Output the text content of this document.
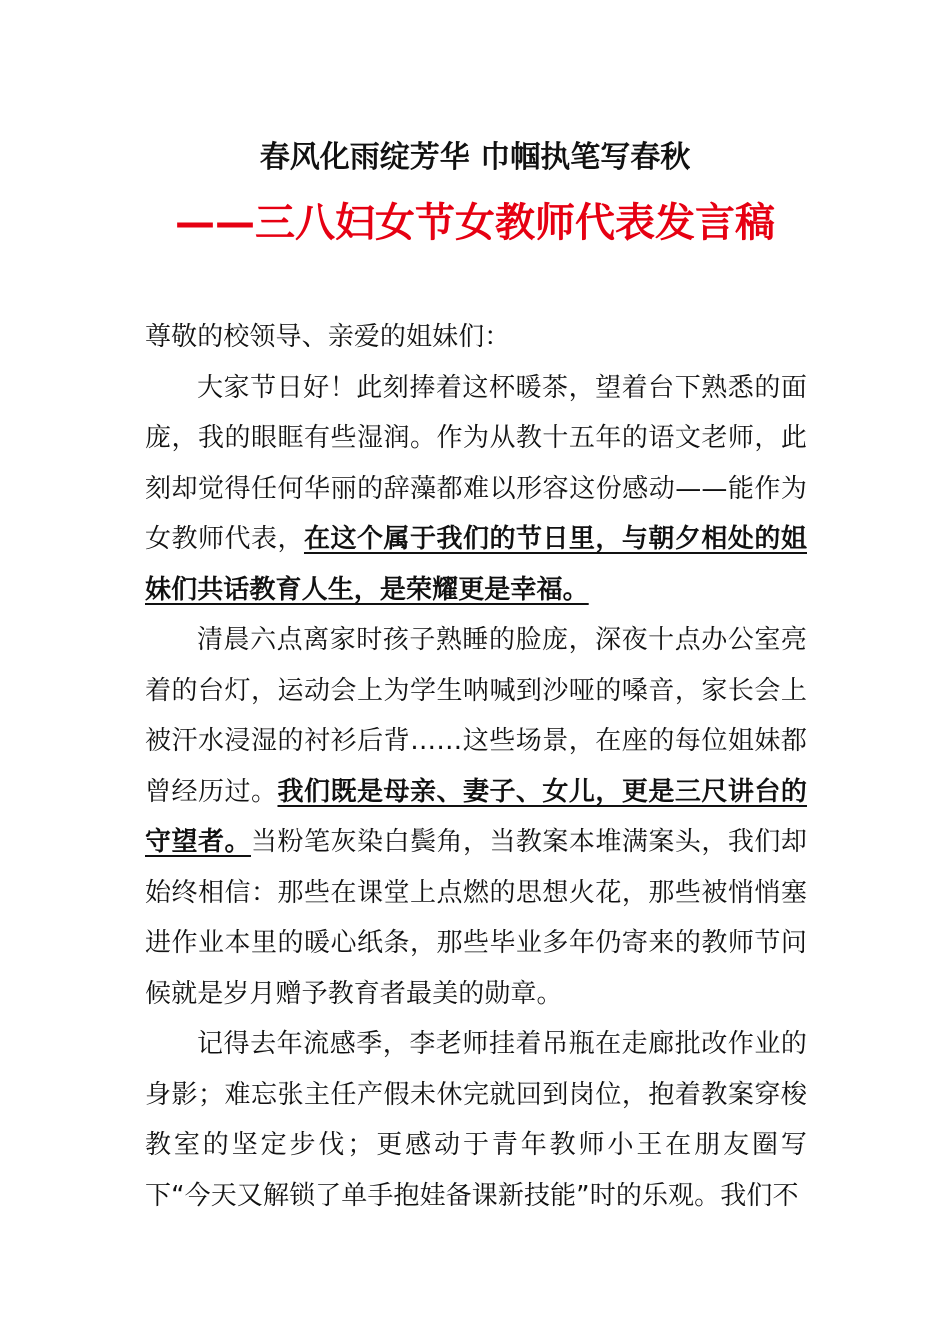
春风化雨绽芳华 巾帼执笔写春秋
——三八妇女节女教师代表发言稿

尊敬的校领导、亲爱的姐妹们：

大家节日好！此刻捧着这杯暖茶，望着台下熟悉的面庞，我的眼眶有些湿润。作为从教十五年的语文老师，此刻却觉得任何华丽的辞藻都难以形容这份感动——能作为女教师代表，在这个属于我们的节日里，与朝夕相处的姐妹们共话教育人生，是荣耀更是幸福。

清晨六点离家时孩子熟睡的脸庞，深夜十点办公室亮着的台灯，运动会上为学生呐喊到沙哑的嗓音，家长会上被汗水浸湿的衬衫后背……这些场景，在座的每位姐妹都曾经历过。我们既是母亲、妻子、女儿，更是三尺讲台的守望者。当粉笔灰染白鬓角，当教案本堆满案头，我们却始终相信：那些在课堂上点燃的思想火花，那些被悄悄塞进作业本里的暖心纸条，那些毕业多年仍寄来的教师节问候就是岁月赠予教育者最美的勋章。

记得去年流感季，李老师挂着吊瓶在走廊批改作业的身影；难忘张主任产假未休完就回到岗位，抱着教案穿梭教室的坚定步伐；更感动于青年教师小王在朋友圈写下“今天又解锁了单手抱娃备课新技能”时的乐观。我们不
